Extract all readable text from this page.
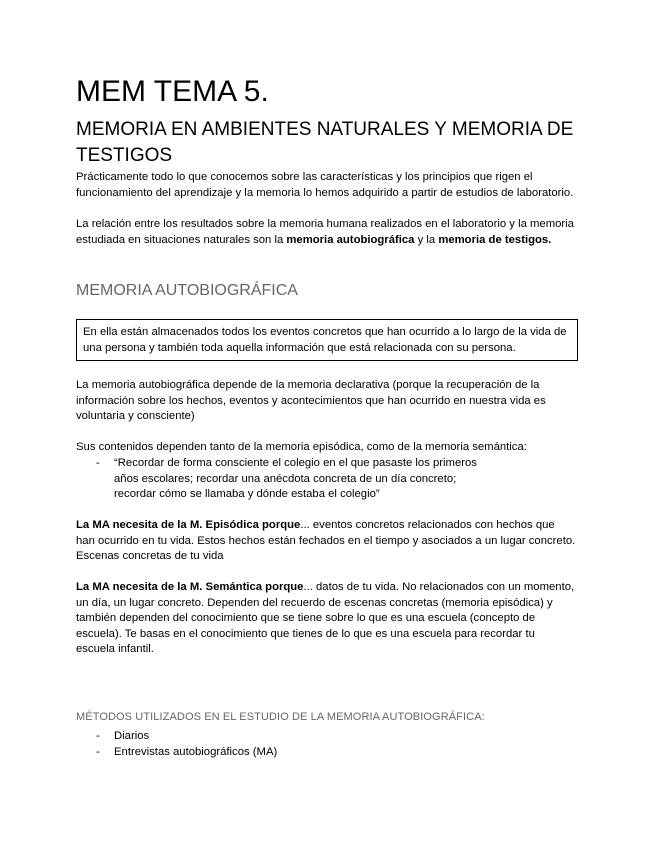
MEM TEMA 5.
MEMORIA EN AMBIENTES NATURALES Y MEMORIA DE TESTIGOS

Prácticamente todo lo que conocemos sobre las características y los principios que rigen el funcionamiento del aprendizaje y la memoria lo hemos adquirido a partir de estudios de laboratorio.

La relación entre los resultados sobre la memoria humana realizados en el laboratorio y la memoria estudiada en situaciones naturales son la memoria autobiográfica y la memoria de testigos.

MEMORIA AUTOBIOGRÁFICA
En ella están almacenados todos los eventos concretos que han ocurrido a lo largo de la vida de una persona y también toda aquella información que está relacionada con su persona.

La memoria autobiográfica depende de la memoria declarativa (porque la recuperación de la información sobre los hechos, eventos y acontecimientos que han ocurrido en nuestra vida es voluntaria y consciente)

Sus contenidos dependen tanto de la memoria episódica, como de la memoria semántica:

- “Recordar de forma consciente el colegio en el que pasaste los primeros años escolares; recordar una anécdota concreta de un día concreto; recordar cómo se llamaba y dónde estaba el colegio”

La MA necesita de la M. Episódica porque... eventos concretos relacionados con hechos que han ocurrido en tu vida. Estos hechos están fechados en el tiempo y asociados a un lugar concreto. Escenas concretas de tu vida

La MA necesita de la M. Semántica porque... datos de tu vida. No relacionados con un momento, un día, un lugar concreto. Dependen del recuerdo de escenas concretas (memoria episódica) y también dependen del conocimiento que se tiene sobre lo que es una escuela (concepto de escuela). Te basas en el conocimiento que tienes de lo que es una escuela para recordar tu escuela infantil.

MÉTODOS UTILIZADOS EN EL ESTUDIO DE LA MEMORIA AUTOBIOGRÁFICA:

- Diarios
- Entrevistas autobiográficos (MA)
